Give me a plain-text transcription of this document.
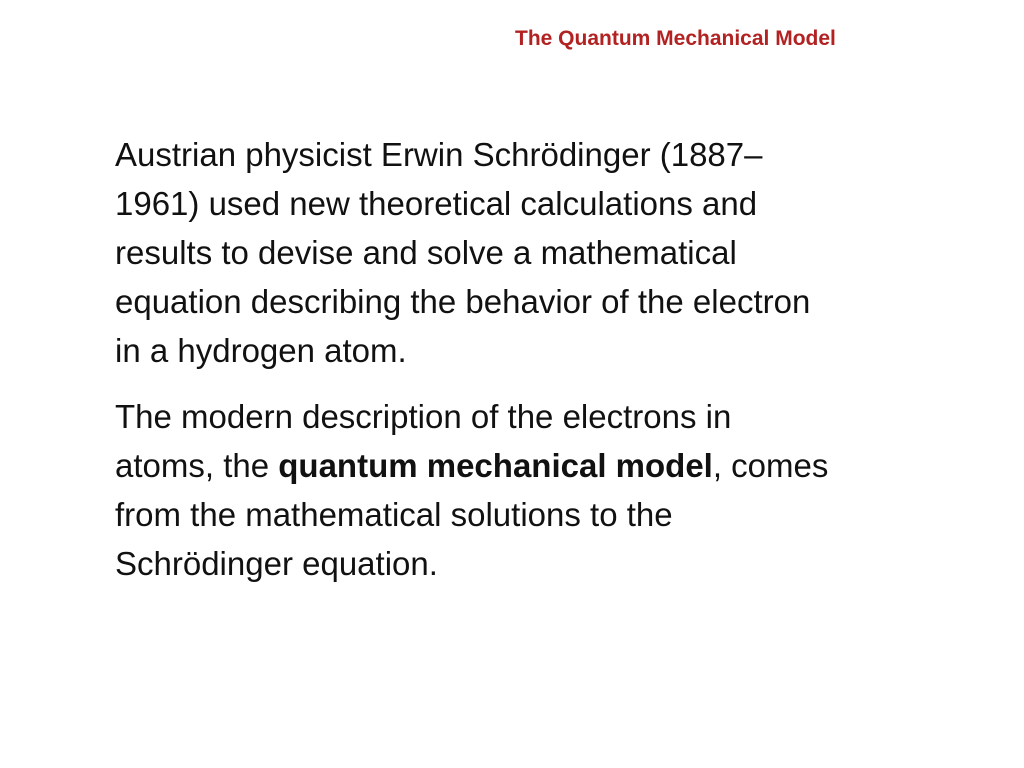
The Quantum Mechanical Model

Austrian physicist Erwin Schrödinger (1887–
1961) used new theoretical calculations and
results to devise and solve a mathematical
equation describing the behavior of the electron
in a hydrogen atom.

The modern description of the electrons in
atoms, the quantum mechanical model, comes
from the mathematical solutions to the
Schrödinger equation.
